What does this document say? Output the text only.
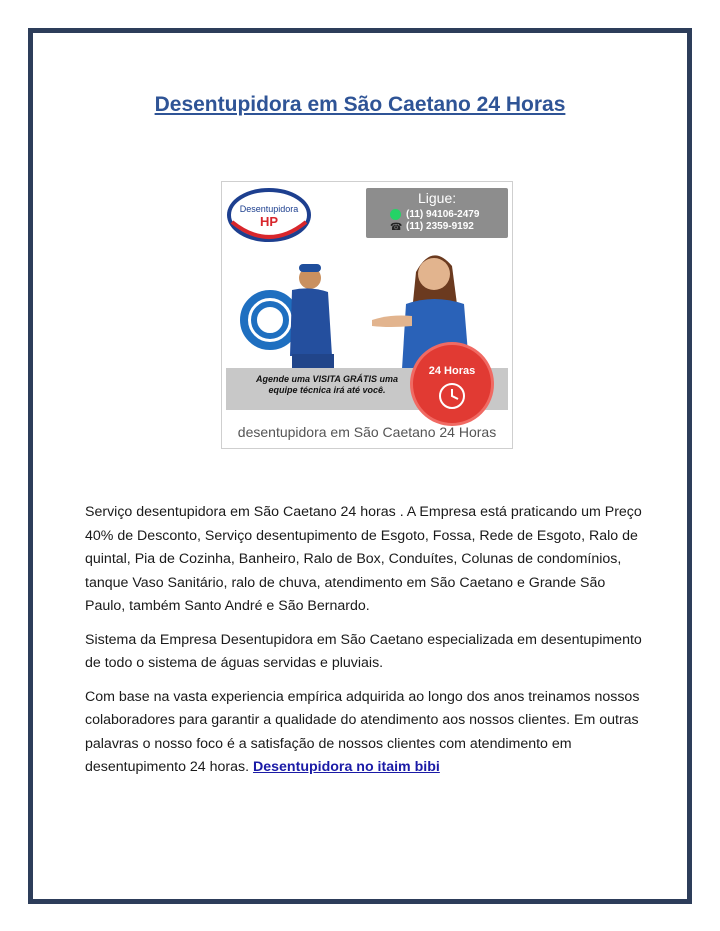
Desentupidora em São Caetano 24 Horas
Desentupidora
HP
Ligue:
(11) 94106-2479
☎ (11) 2359-9192
Agende uma VISITA GRÁTIS uma equipe técnica irá até você.
24 Horas
desentupidora em São Caetano 24 Horas

Serviço desentupidora em São Caetano 24 horas . A Empresa está praticando um Preço 40% de Desconto, Serviço desentupimento de Esgoto, Fossa, Rede de Esgoto, Ralo de quintal, Pia de Cozinha, Banheiro, Ralo de Box, Conduítes, Colunas de condomínios, tanque Vaso Sanitário, ralo de chuva, atendimento em São Caetano e Grande São Paulo, também Santo André e São Bernardo.

Sistema da Empresa Desentupidora em São Caetano especializada em desentupimento de todo o sistema de águas servidas e pluviais.

Com base na vasta experiencia empírica adquirida ao longo dos anos treinamos nossos colaboradores para garantir a qualidade do atendimento aos nossos clientes. Em outras palavras o nosso foco é a satisfação de nossos clientes com atendimento em desentupimento 24 horas. Desentupidora no itaim bibi
